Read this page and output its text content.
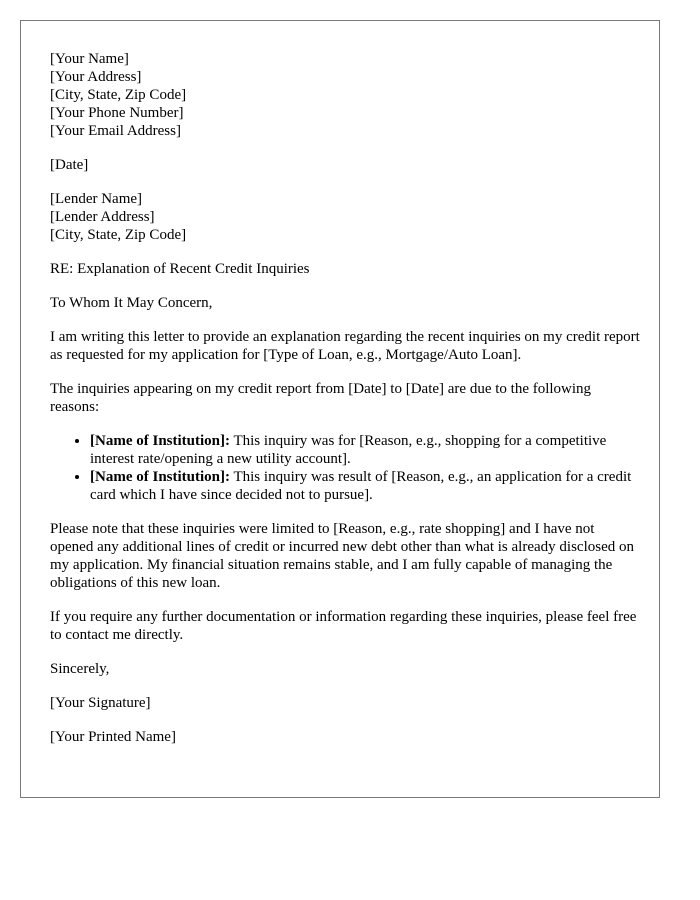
[Your Name]
[Your Address]
[City, State, Zip Code]
[Your Phone Number]
[Your Email Address]
[Date]
[Lender Name]
[Lender Address]
[City, State, Zip Code]

RE: Explanation of Recent Credit Inquiries

To Whom It May Concern,

I am writing this letter to provide an explanation regarding the recent inquiries on my credit report as requested for my application for [Type of Loan, e.g., Mortgage/Auto Loan].

The inquiries appearing on my credit report from [Date] to [Date] are due to the following reasons:

• [Name of Institution]: This inquiry was for [Reason, e.g., shopping for a competitive interest rate/opening a new utility account].
• [Name of Institution]: This inquiry was result of [Reason, e.g., an application for a credit card which I have since decided not to pursue].

Please note that these inquiries were limited to [Reason, e.g., rate shopping] and I have not opened any additional lines of credit or incurred new debt other than what is already disclosed on my application. My financial situation remains stable, and I am fully capable of managing the obligations of this new loan.

If you require any further documentation or information regarding these inquiries, please feel free to contact me directly.

Sincerely,

[Your Signature]

[Your Printed Name]
